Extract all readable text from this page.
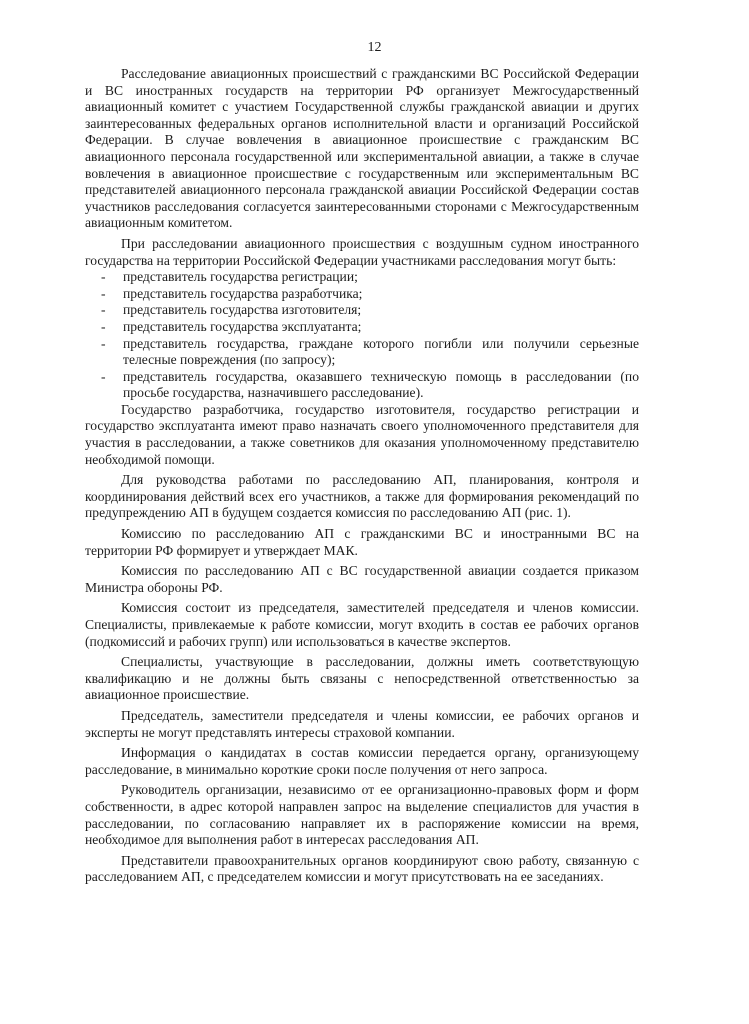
12

Расследование авиационных происшествий с гражданскими ВС Российской Федерации и ВС иностранных государств на территории РФ организует Межгосударственный авиационный комитет с участием Государственной службы гражданской авиации и других заинтересованных федеральных органов исполнительной власти и организаций Российской Федерации. В случае вовлечения в авиационное происшествие с гражданским ВС авиационного персонала государственной или экспериментальной авиации, а также в случае вовлечения в авиационное происшествие с государственным или экспериментальным ВС представителей авиационного персонала гражданской авиации Российской Федерации состав участников расследования согласуется заинтересованными сторонами с Межгосударственным авиационным комитетом.

При расследовании авиационного происшествия с воздушным судном иностранного государства на территории Российской Федерации участниками расследования могут быть:

- представитель государства регистрации;
- представитель государства разработчика;
- представитель государства изготовителя;
- представитель государства эксплуатанта;
- представитель государства, граждане которого погибли или получили серьезные телесные повреждения (по запросу);
- представитель государства, оказавшего техническую помощь в расследовании (по просьбе государства, назначившего расследование).

Государство разработчика, государство изготовителя, государство регистрации и государство эксплуатанта имеют право назначать своего уполномоченного представителя для участия в расследовании, а также советников для оказания уполномоченному представителю необходимой помощи.

Для руководства работами по расследованию АП, планирования, контроля и координирования действий всех его участников, а также для формирования рекомендаций по предупреждению АП в будущем создается комиссия по расследованию АП (рис. 1).

Комиссию по расследованию АП с гражданскими ВС и иностранными ВС на территории РФ формирует и утверждает МАК.

Комиссия по расследованию АП с ВС государственной авиации создается приказом Министра обороны РФ.

Комиссия состоит из председателя, заместителей председателя и членов комиссии. Специалисты, привлекаемые к работе комиссии, могут входить в состав ее рабочих органов (подкомиссий и рабочих групп) или использоваться в качестве экспертов.

Специалисты, участвующие в расследовании, должны иметь соответствующую квалификацию и не должны быть связаны с непосредственной ответственностью за авиационное происшествие.

Председатель, заместители председателя и члены комиссии, ее рабочих органов и эксперты не могут представлять интересы страховой компании.

Информация о кандидатах в состав комиссии передается органу, организующему расследование, в минимально короткие сроки после получения от него запроса.

Руководитель организации, независимо от ее организационно-правовых форм и форм собственности, в адрес которой направлен запрос на выделение специалистов для участия в расследовании, по согласованию направляет их в распоряжение комиссии на время, необходимое для выполнения работ в интересах расследования АП.

Представители правоохранительных органов координируют свою работу, связанную с расследованием АП, с председателем комиссии и могут присутствовать на ее заседаниях.
